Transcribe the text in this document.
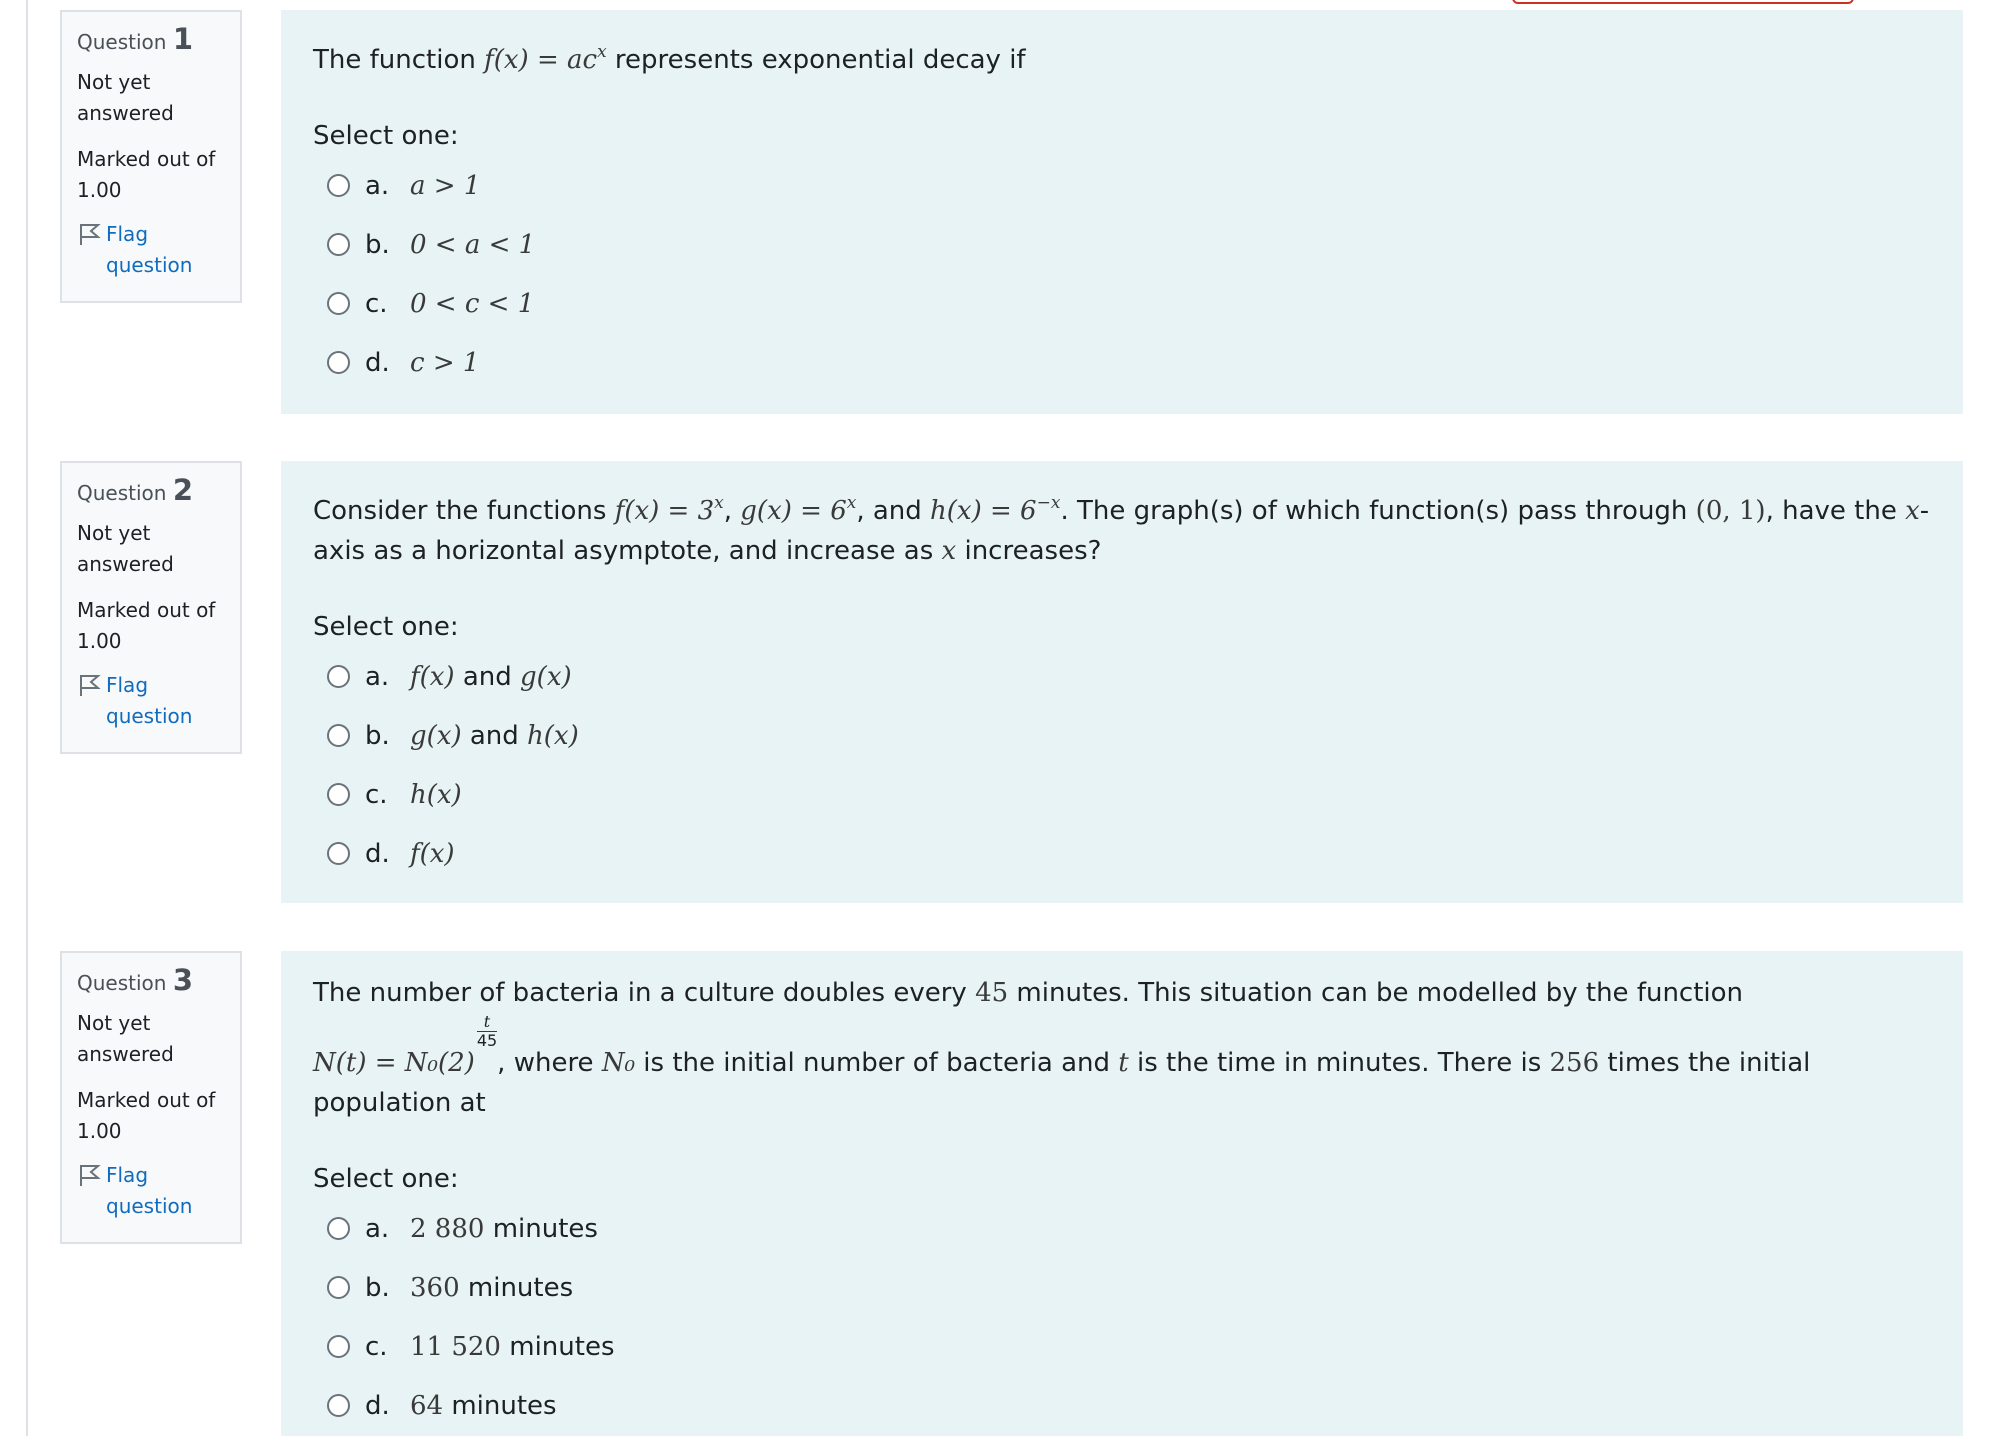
Question 1
Not yet answered
Marked out of 1.00
Flag question
The function $f(x) = ac^x$ represents exponential decay if
Select one:
a. a > 1
b. 0 < a < 1
c. 0 < c < 1
d. c > 1
Question 2
Not yet answered
Marked out of 1.00
Flag question
Consider the functions $f(x) = 3^x$, $g(x) = 6^x$, and $h(x) = 6^{-x}$. The graph(s) of which function(s) pass through (0, 1), have the x-axis as a horizontal asymptote, and increase as x increases?
Select one:
a. f(x) and g(x)
b. g(x) and h(x)
c. h(x)
d. f(x)
Question 3
Not yet answered
Marked out of 1.00
Flag question
The number of bacteria in a culture doubles every 45 minutes. This situation can be modelled by the function
N(t) = N₀(2)
$\frac{t}{45}$
, where N₀ is the initial number of bacteria and t is the time in minutes. There is 256 times the initial population at
Select one:
a. 2 880 minutes
b. 360 minutes
c. 11 520 minutes
d. 64 minutes
